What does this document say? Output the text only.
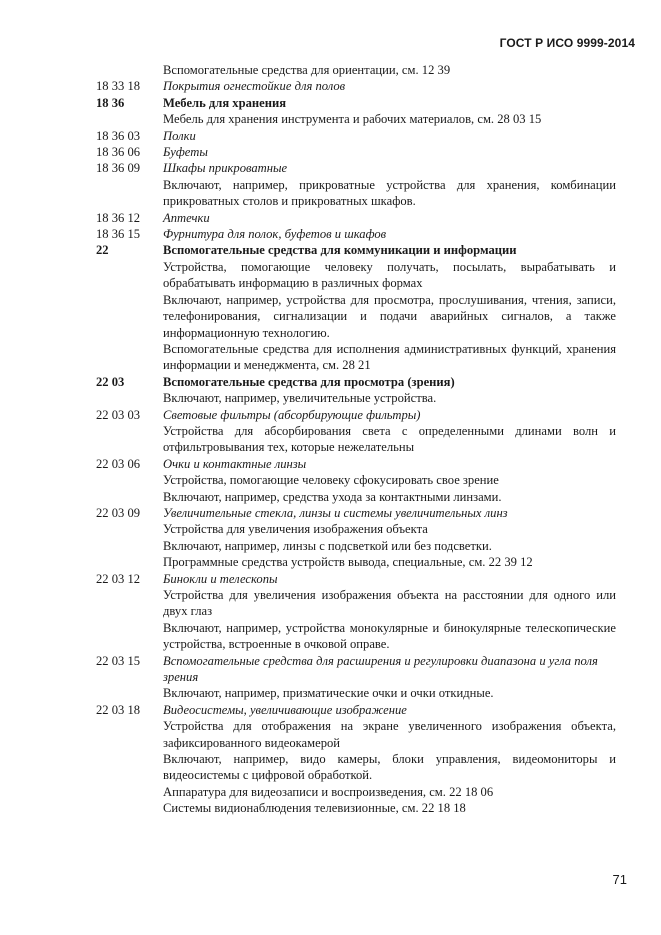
ГОСТ Р ИСО 9999-2014
Вспомогательные средства для ориентации, см. 12 39
18 33 18	Покрытия огнестойкие для полов
18 36	Мебель для хранения
Мебель для хранения инструмента и рабочих материалов, см. 28 03 15
18 36 03	Полки
18 36 06	Буфеты
18 36 09	Шкафы прикроватные
Включают, например, прикроватные устройства для хранения, комбинации прикроватных столов и прикроватных шкафов.
18 36 12	Аптечки
18 36 15	Фурнитура для полок, буфетов и шкафов
22	Вспомогательные средства для коммуникации и информации
Устройства, помогающие человеку получать, посылать, вырабатывать и обрабатывать информацию в различных формах
Включают, например, устройства для просмотра, прослушивания, чтения, записи, телефонирования, сигнализации и подачи аварийных сигналов, а также информационную технологию.
Вспомогательные средства для исполнения административных функций, хранения информации и менеджмента, см. 28 21
22 03	Вспомогательные средства для просмотра (зрения)
Включают, например, увеличительные устройства.
22 03 03	Световые фильтры (абсорбирующие фильтры)
Устройства для абсорбирования света с определенными длинами волн и отфильтровывания тех, которые нежелательны
22 03 06	Очки и контактные линзы
Устройства, помогающие человеку сфокусировать свое зрение
Включают, например, средства ухода за контактными линзами.
22 03 09	Увеличительные стекла, линзы и системы увеличительных линз
Устройства для увеличения изображения объекта
Включают, например, линзы с подсветкой или без подсветки.
Программные средства устройств вывода, специальные, см. 22 39 12
22 03 12	Бинокли и телескопы
Устройства для увеличения изображения объекта на расстоянии для одного или двух глаз
Включают, например, устройства монокулярные и бинокулярные телескопические устройства, встроенные в очковой оправе.
22 03 15	Вспомогательные средства для расширения и регулировки диапазона и угла поля зрения
Включают, например, призматические очки и очки откидные.
22 03 18	Видеосистемы, увеличивающие изображение
Устройства для отображения на экране увеличенного изображения объекта, зафиксированного видеокамерой
Включают, например, видо камеры, блоки управления, видеомониторы и видеосистемы с цифровой обработкой.
Аппаратура для видеозаписи и воспроизведения, см. 22 18 06
Системы видионаблюдения телевизионные, см. 22 18 18
71
